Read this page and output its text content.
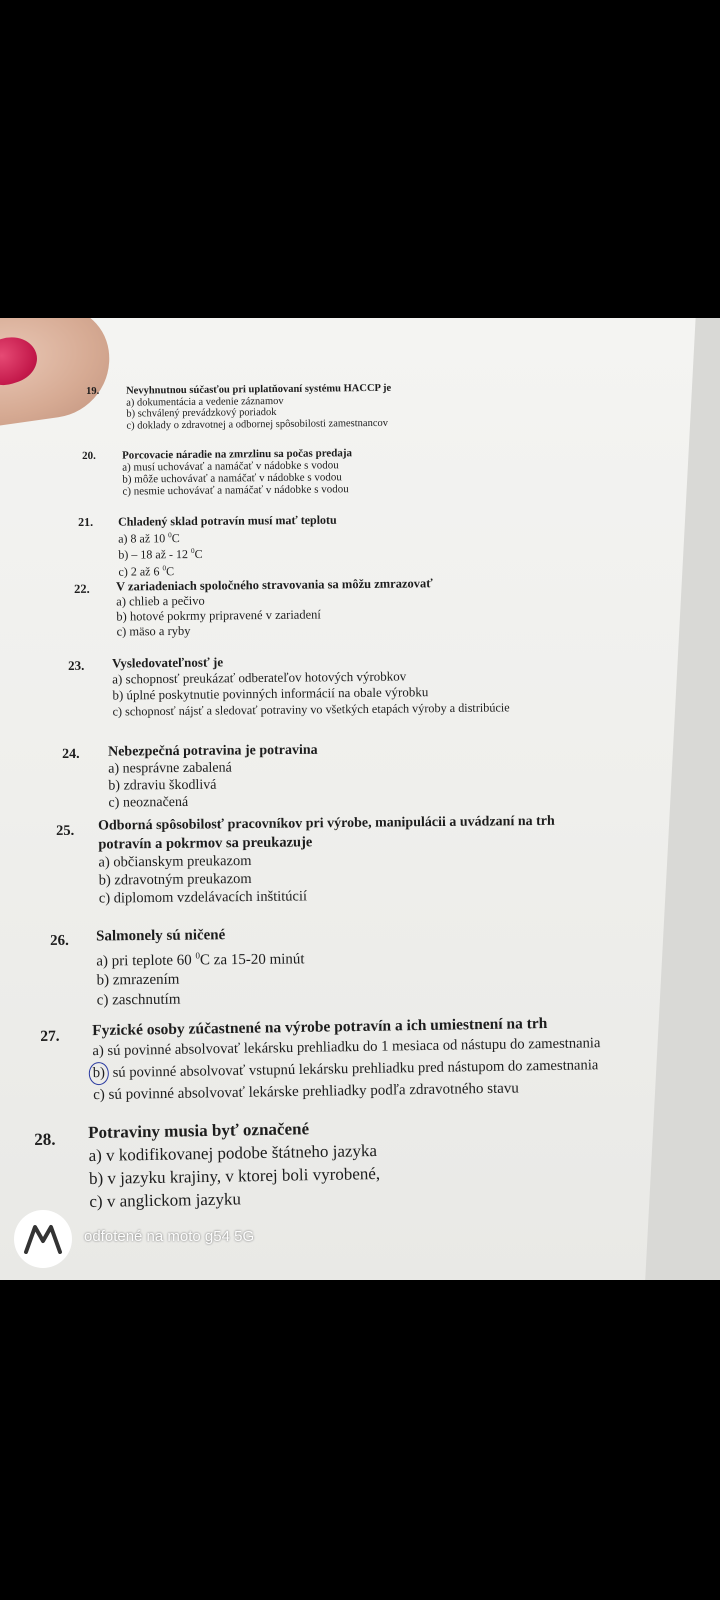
19.	Nevyhnutnou súčasťou pri uplatňovaní systému HACCP je
a) dokumentácia a vedenie záznamov
b) schválený prevádzkový poriadok
c) doklady o zdravotnej a odbornej spôsobilosti zamestnancov
20. Porcovacie náradie na zmrzlinu sa počas predaja
a) musí uchovávať a namáčať v nádobke s vodou
b) môže uchovávať a namáčať v nádobke s vodou
c) nesmie uchovávať a namáčať v nádobke s vodou
21. Chladený sklad potravín musí mať teplotu
a) 8 až 10 $^0$C
b) – 18 až - 12 $^0$C
c) 2 až 6 $^0$C
22. V zariadeniach spoločného stravovania sa môžu zmrazovať
a) chlieb a pečivo
b) hotové pokrmy pripravené v zariadení
c) mäso a ryby
23. Vysledovateľnosť je
a) schopnosť preukázať odberateľov hotových výrobkov
b) úplné poskytnutie povinných informácií na obale výrobku
c) schopnosť nájsť a sledovať potraviny vo všetkých etapách výroby a distribúcie
24. Nebezpečná potravina je potravina
a) nesprávne zabalená
b) zdraviu škodlivá
c) neoznačená
25. Odborná spôsobilosť pracovníkov pri výrobe, manipulácii a uvádzaní na trh
potravín a pokrmov sa preukazuje
a) občianskym preukazom
b) zdravotným preukazom
c) diplomom vzdelávacích inštitúcií
26. Salmonely sú ničené
a) pri teplote 60 $^0$C za 15-20 minút
b) zmrazením
c) zaschnutím
27. Fyzické osoby zúčastnené na výrobe potravín a ich umiestnení na trh
a) sú povinné absolvovať lekársku prehliadku do 1 mesiaca od nástupu do zamestnania
b) sú povinné absolvovať vstupnú lekársku prehliadku pred nástupom do zamestnania
c) sú povinné absolvovať lekárske prehliadky podľa zdravotného stavu
28. Potraviny musia byť označené
a) v kodifikovanej podobe štátneho jazyka
b) v jazyku krajiny, v ktorej boli vyrobené,
c) v anglickom jazyku
odfotené na moto g54 5G
